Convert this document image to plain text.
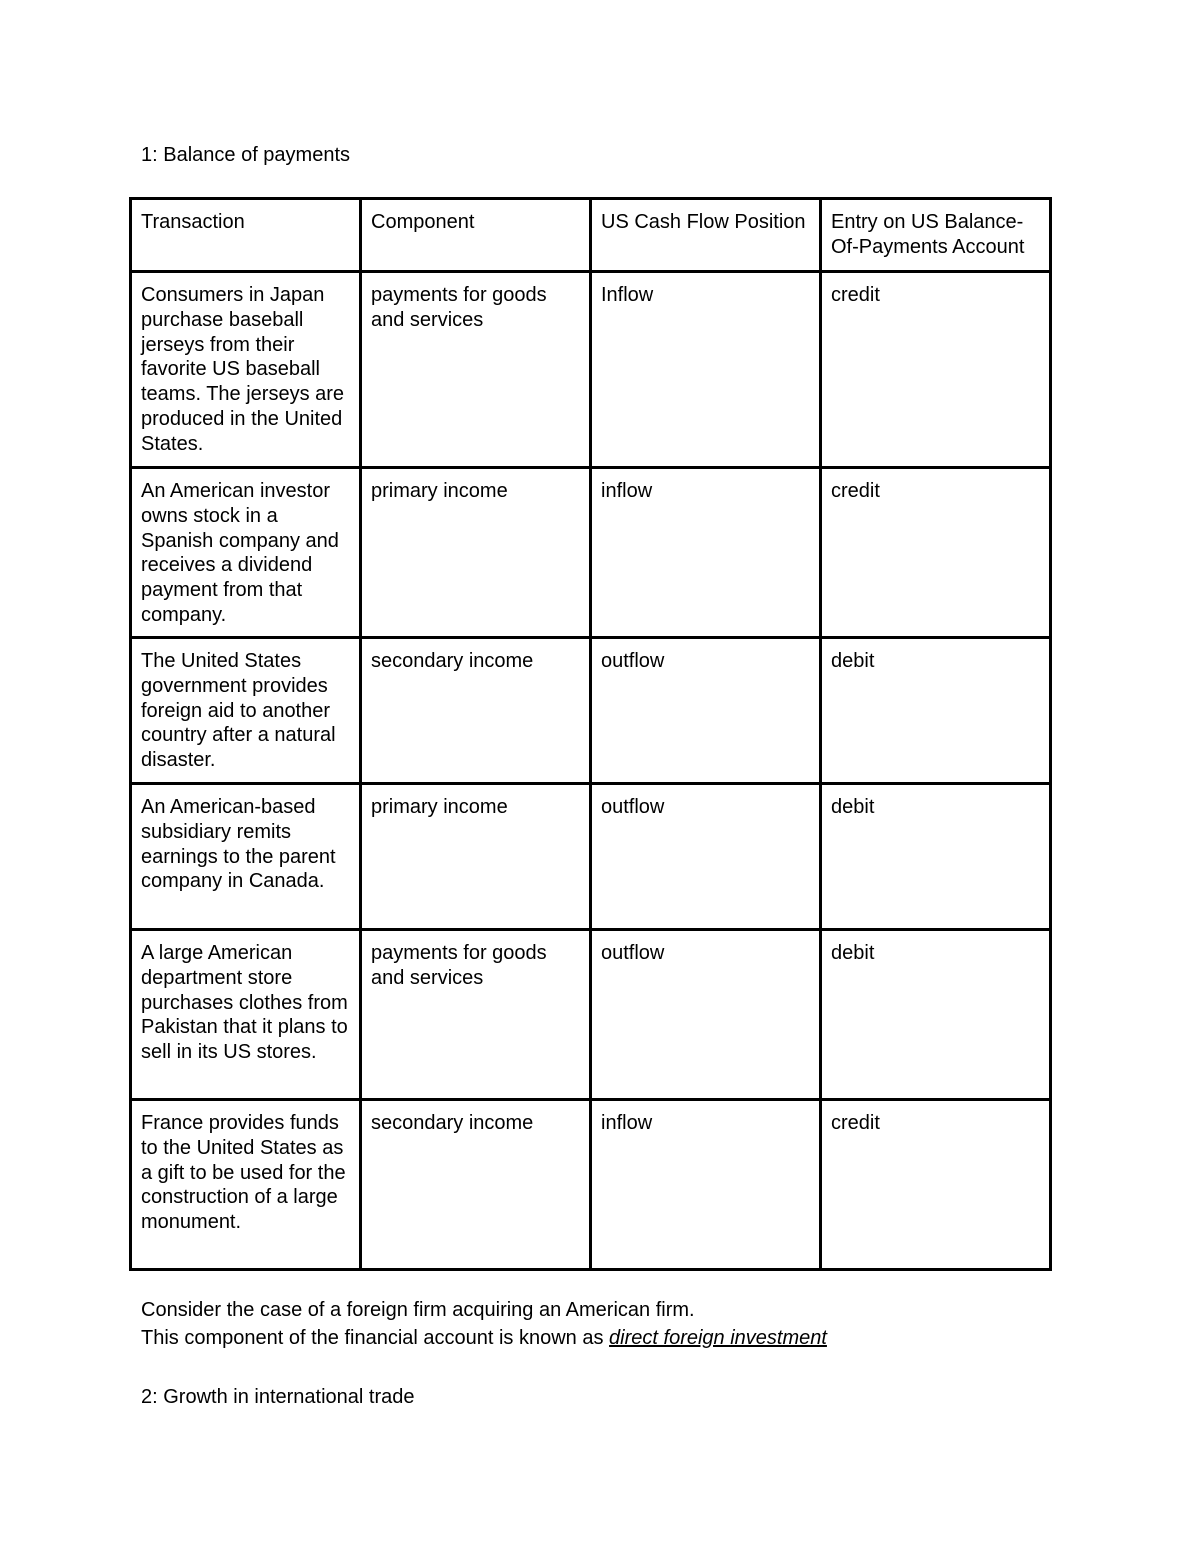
1: Balance of payments
Transaction	Component	US Cash Flow Position	Entry on US Balance-Of-Payments Account
Consumers in Japan purchase baseball jerseys from their favorite US baseball teams. The jerseys are produced in the United States.	payments for goods and services	Inflow	credit
An American investor owns stock in a Spanish company and receives a dividend payment from that company.	primary income	inflow	credit
The United States government provides foreign aid to another country after a natural disaster.	secondary income	outflow	debit
An American-based subsidiary remits earnings to the parent company in Canada.	primary income	outflow	debit
A large American department store purchases clothes from Pakistan that it plans to sell in its US stores.	payments for goods and services	outflow	debit
France provides funds to the United States as a gift to be used for the construction of a large monument.	secondary income	inflow	credit

Consider the case of a foreign firm acquiring an American firm.

This component of the financial account is known as direct foreign investment

2: Growth in international trade
